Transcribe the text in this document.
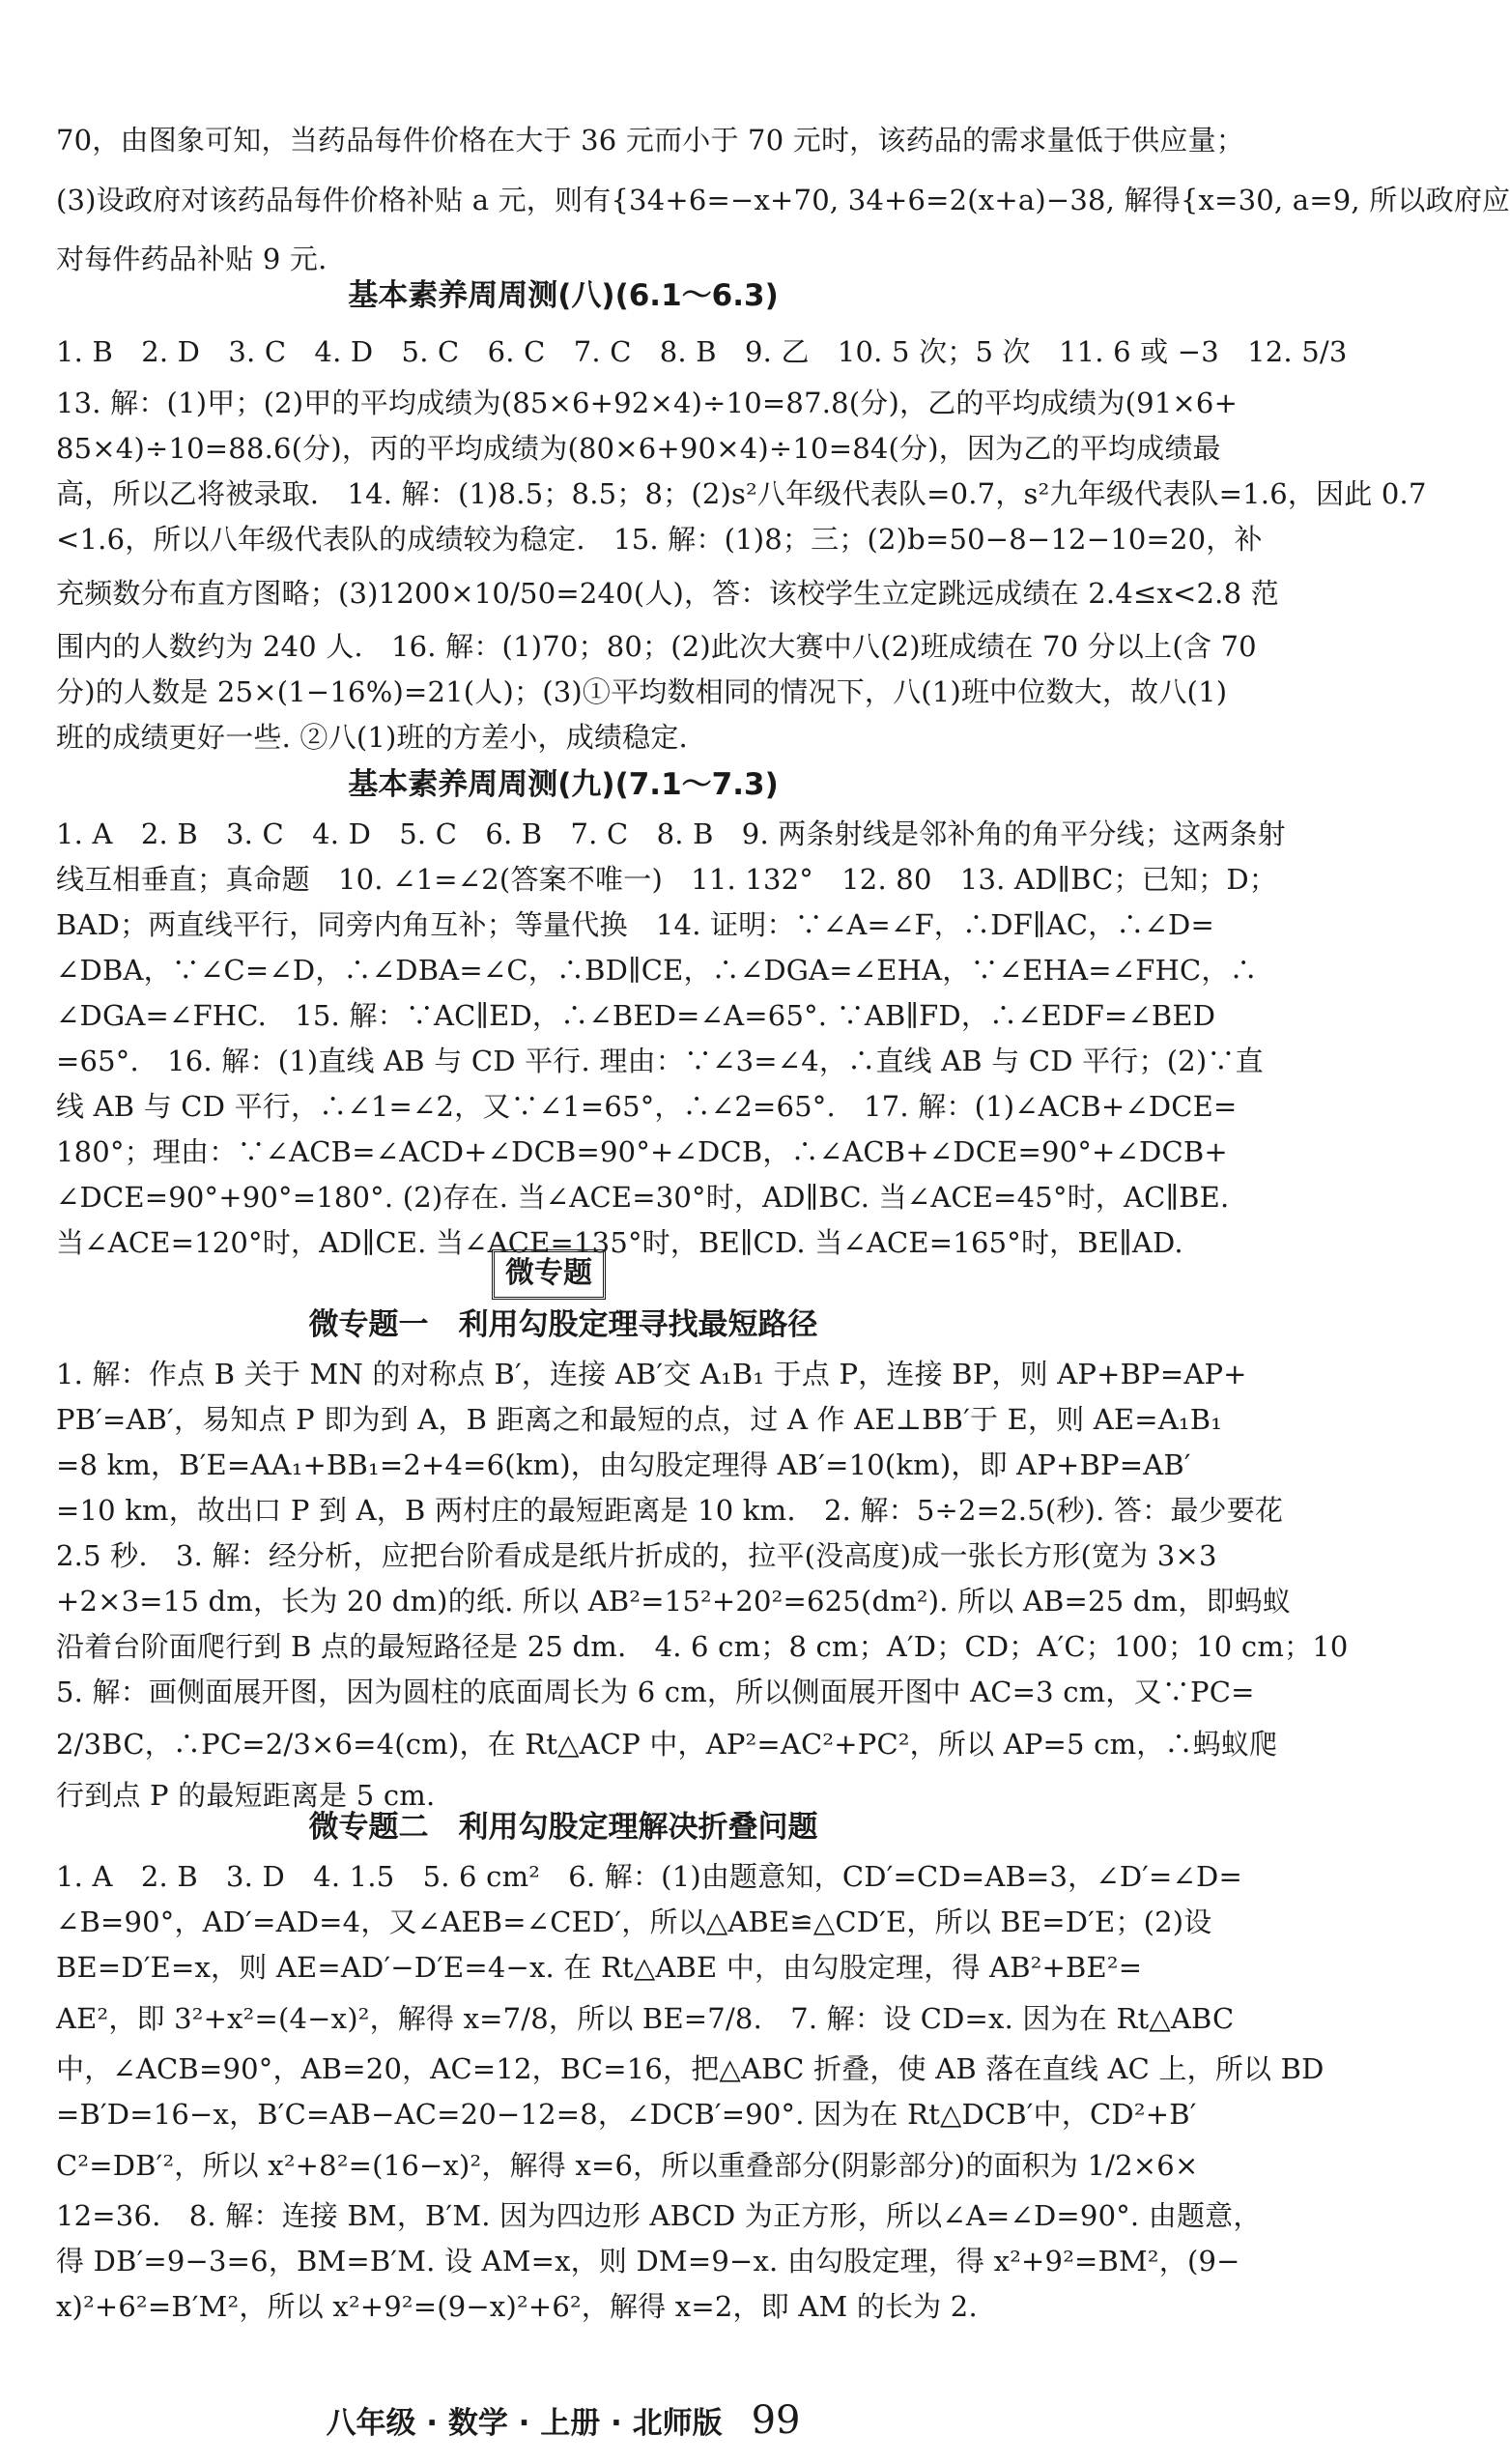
70，由图象可知，当药品每件价格在大于 36 元而小于 70 元时，该药品的需求量低于供应量；
(3)设政府对该药品每件价格补贴 a 元，则有{34+6=−x+70, 34+6=2(x+a)−38, 解得{x=30, a=9, 所以政府应
对每件药品补贴 9 元.
基本素养周周测(八)(6.1～6.3)
1. B　2. D　3. C　4. D　5. C　6. C　7. C　8. B　9. 乙　10. 5 次；5 次　11. 6 或 −3　12. 5/3
13. 解：(1)甲；(2)甲的平均成绩为(85×6+92×4)÷10=87.8(分)，乙的平均成绩为(91×6+
85×4)÷10=88.6(分)，丙的平均成绩为(80×6+90×4)÷10=84(分)，因为乙的平均成绩最
高，所以乙将被录取.　14. 解：(1)8.5；8.5；8；(2)s²八年级代表队=0.7，s²九年级代表队=1.6，因此 0.7
<1.6，所以八年级代表队的成绩较为稳定.　15. 解：(1)8；三；(2)b=50−8−12−10=20，补
充频数分布直方图略；(3)1200×10/50=240(人)，答：该校学生立定跳远成绩在 2.4≤x<2.8 范
围内的人数约为 240 人.　16. 解：(1)70；80；(2)此次大赛中八(2)班成绩在 70 分以上(含 70
分)的人数是 25×(1−16%)=21(人)；(3)①平均数相同的情况下，八(1)班中位数大，故八(1)
班的成绩更好一些. ②八(1)班的方差小，成绩稳定.
基本素养周周测(九)(7.1～7.3)
1. A　2. B　3. C　4. D　5. C　6. B　7. C　8. B　9. 两条射线是邻补角的角平分线；这两条射
线互相垂直；真命题　10. ∠1=∠2(答案不唯一)　11. 132°　12. 80　13. AD∥BC；已知；D；
BAD；两直线平行，同旁内角互补；等量代换　14. 证明：∵∠A=∠F，∴DF∥AC，∴∠D=
∠DBA，∵∠C=∠D，∴∠DBA=∠C，∴BD∥CE，∴∠DGA=∠EHA，∵∠EHA=∠FHC，∴
∠DGA=∠FHC.　15. 解：∵AC∥ED，∴∠BED=∠A=65°. ∵AB∥FD，∴∠EDF=∠BED
=65°.　16. 解：(1)直线 AB 与 CD 平行. 理由：∵∠3=∠4，∴直线 AB 与 CD 平行；(2)∵直
线 AB 与 CD 平行，∴∠1=∠2，又∵∠1=65°，∴∠2=65°.　17. 解：(1)∠ACB+∠DCE=
180°；理由：∵∠ACB=∠ACD+∠DCB=90°+∠DCB，∴∠ACB+∠DCE=90°+∠DCB+
∠DCE=90°+90°=180°. (2)存在. 当∠ACE=30°时，AD∥BC. 当∠ACE=45°时，AC∥BE.
当∠ACE=120°时，AD∥CE. 当∠ACE=135°时，BE∥CD. 当∠ACE=165°时，BE∥AD.
微专题
微专题一　利用勾股定理寻找最短路径
1. 解：作点 B 关于 MN 的对称点 B′，连接 AB′交 A₁B₁ 于点 P，连接 BP，则 AP+BP=AP+
PB′=AB′，易知点 P 即为到 A，B 距离之和最短的点，过 A 作 AE⊥BB′于 E，则 AE=A₁B₁
=8 km，B′E=AA₁+BB₁=2+4=6(km)，由勾股定理得 AB′=10(km)，即 AP+BP=AB′
=10 km，故出口 P 到 A，B 两村庄的最短距离是 10 km.　2. 解：5÷2=2.5(秒). 答：最少要花
2.5 秒.　3. 解：经分析，应把台阶看成是纸片折成的，拉平(没高度)成一张长方形(宽为 3×3
+2×3=15 dm，长为 20 dm)的纸. 所以 AB²=15²+20²=625(dm²). 所以 AB=25 dm，即蚂蚁
沿着台阶面爬行到 B 点的最短路径是 25 dm.　4. 6 cm；8 cm；A′D；CD；A′C；100；10 cm；10
5. 解：画侧面展开图，因为圆柱的底面周长为 6 cm，所以侧面展开图中 AC=3 cm，又∵PC=
2/3BC，∴PC=2/3×6=4(cm)，在 Rt△ACP 中，AP²=AC²+PC²，所以 AP=5 cm，∴蚂蚁爬
行到点 P 的最短距离是 5 cm.
微专题二　利用勾股定理解决折叠问题
1. A　2. B　3. D　4. 1.5　5. 6 cm²　6. 解：(1)由题意知，CD′=CD=AB=3，∠D′=∠D=
∠B=90°，AD′=AD=4，又∠AEB=∠CED′，所以△ABE≌△CD′E，所以 BE=D′E；(2)设
BE=D′E=x，则 AE=AD′−D′E=4−x. 在 Rt△ABE 中，由勾股定理，得 AB²+BE²=
AE²，即 3²+x²=(4−x)²，解得 x=7/8，所以 BE=7/8.　7. 解：设 CD=x. 因为在 Rt△ABC
中，∠ACB=90°，AB=20，AC=12，BC=16，把△ABC 折叠，使 AB 落在直线 AC 上，所以 BD
=B′D=16−x，B′C=AB−AC=20−12=8，∠DCB′=90°. 因为在 Rt△DCB′中，CD²+B′
C²=DB′²，所以 x²+8²=(16−x)²，解得 x=6，所以重叠部分(阴影部分)的面积为 1/2×6×
12=36.　8. 解：连接 BM，B′M. 因为四边形 ABCD 为正方形，所以∠A=∠D=90°. 由题意，
得 DB′=9−3=6，BM=B′M. 设 AM=x，则 DM=9−x. 由勾股定理，得 x²+9²=BM²，(9−
x)²+6²=B′M²，所以 x²+9²=(9−x)²+6²，解得 x=2，即 AM 的长为 2.
八年级 · 数学 · 上册 · 北师版 99
